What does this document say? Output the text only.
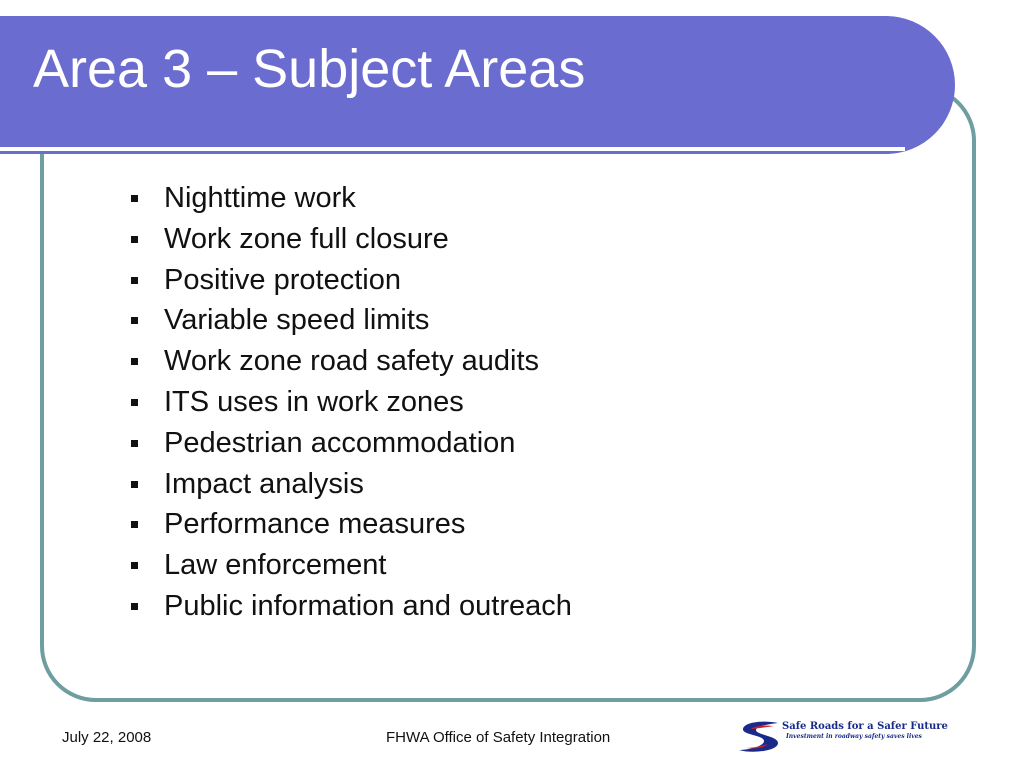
Area 3 – Subject Areas
Nighttime work
Work zone full closure
Positive protection
Variable speed limits
Work zone road safety audits
ITS uses in work zones
Pedestrian accommodation
Impact analysis
Performance measures
Law enforcement
Public information and outreach
July 22, 2008	FHWA Office of Safety Integration
Safe Roads for a Safer Future
Investment in roadway safety saves lives
